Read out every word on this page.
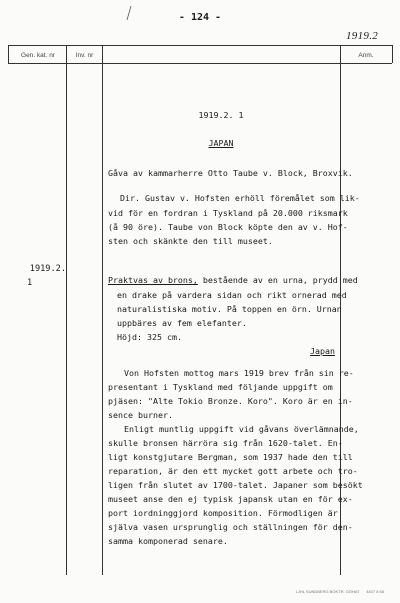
- 124 -
1919.2
Gen. kat. nr	Inv. nr	Anm.
1919.2. 1
JAPAN
Gåva av kammarherre Otto Taube v. Block, Broxvik.
Dir. Gustav v. Hofsten erhöll föremålet som lik-
vid för en fordran i Tyskland på 20.000 riksmark
(å 90 öre). Taube von Block köpte den av v. Hof-
sten och skänkte den till museet.
1919.2.
1	Praktvas av brons, bestående av en urna, prydd med
en drake på vardera sidan och rikt ornerad med
naturalistiska motiv. På toppen en örn. Urnan
uppbäres av fem elefanter.
Höjd: 325 cm.
Japan
Von Hofsten mottog mars 1919 brev från sin re-
presentant i Tyskland med följande uppgift om
pjäsen: "Alte Tokio Bronze. Koro". Koro är en in-
sence burner.
Enligt muntlig uppgift vid gåvans överlämnande,
skulle bronsen härröra sig från 1620-talet. En-
ligt konstgjutare Bergman, som 1937 hade den till
reparation, är den ett mycket gott arbete och tro-
ligen från slutet av 1700-talet. Japaner som besökt
museet anse den ej typisk japansk utan en för ex-
port iordninggjord komposition. Förmodligen är
själva vasen ursprunglig och ställningen för den-
samma komponerad senare.
LJHL SUNDBERG BOKTR. GÖHAT      4407 8 68
